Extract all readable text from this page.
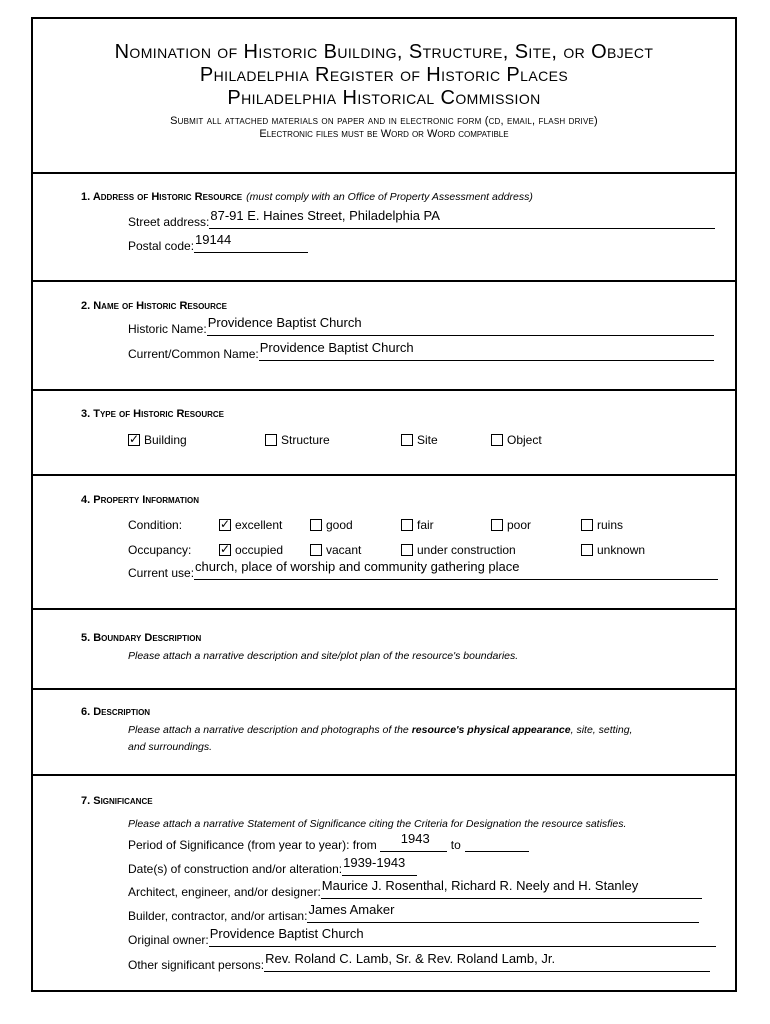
Nomination of Historic Building, Structure, Site, or Object
Philadelphia Register of Historic Places
Philadelphia Historical Commission
Submit all attached materials on paper and in electronic form (cd, email, flash drive)
Electronic files must be Word or Word compatible
1. Address of Historic Resource (must comply with an Office of Property Assessment address)
Street address: 87-91 E. Haines Street, Philadelphia PA
Postal code: 19144
2. Name of Historic Resource
Historic Name: Providence Baptist Church
Current/Common Name: Providence Baptist Church
3. Type of Historic Resource
✓
Building	Structure	Site	Object
4. Property Information
Condition: ✓	excellent	good	fair	poor	ruins
Occupancy: ✓	occupied	vacant	under construction	unknown
Current use: church, place of worship and community gathering place
5. Boundary Description
Please attach a narrative description and site/plot plan of the resource's boundaries.
6. Description
Please attach a narrative description and photographs of the resource's physical appearance, site, setting,
and surroundings.
7. Significance
Please attach a narrative Statement of Significance citing the Criteria for Designation the resource satisfies.
Period of Significance (from year to year): from	1943	to
Date(s) of construction and/or alteration: 1939-1943
Architect, engineer, and/or designer: Maurice J. Rosenthal, Richard R. Neely and H. Stanley
Builder, contractor, and/or artisan: James Amaker
Original owner: Providence Baptist Church
Other significant persons: Rev. Roland C. Lamb, Sr. & Rev. Roland Lamb, Jr.
